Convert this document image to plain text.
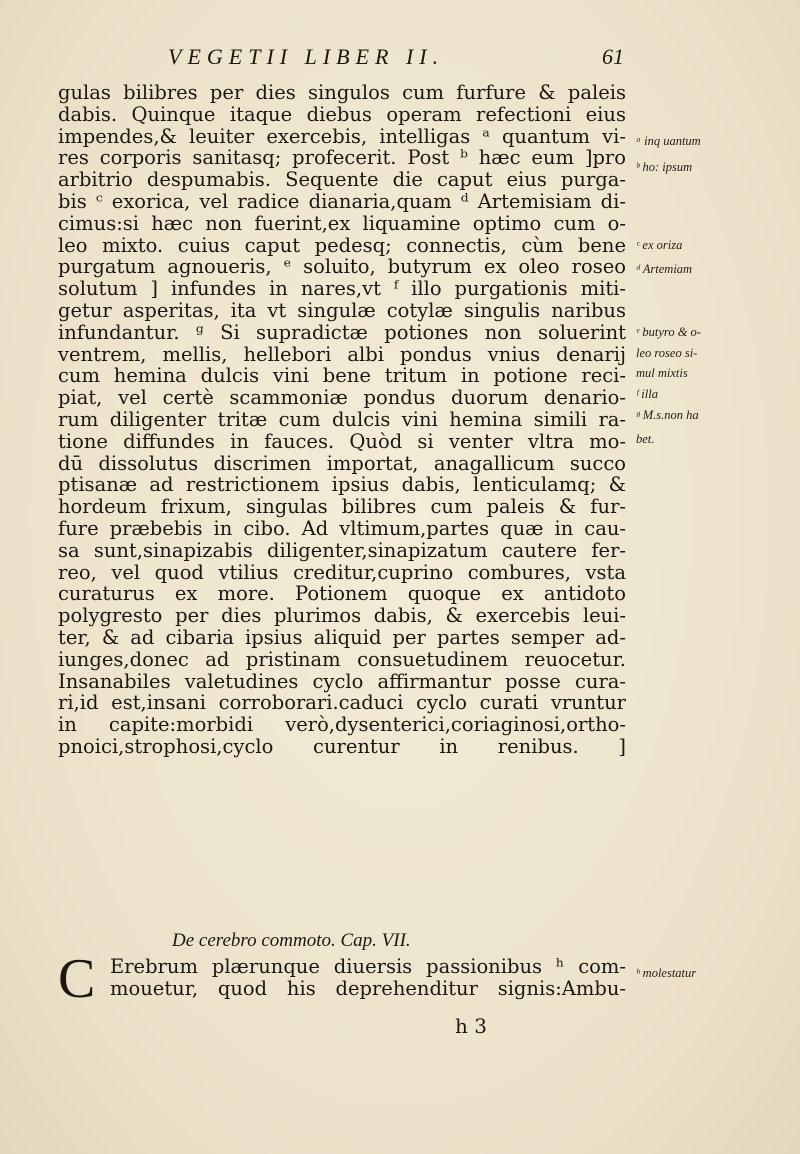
VEGETII LIBER II.	61
gulas bilibres per dies singulos cum furfure & paleis
dabis. Quinque itaque diebus operam refectioni eius
impendes,& leuiter exercebis, intelligas ᵃ quantum vi-
res corporis sanitasq; profecerit. Post ᵇ hæc eum ]pro
arbitrio despumabis. Sequente die caput eius purga-
bis ᶜ exorica, vel radice dianaria,quam ᵈ Artemisiam di-
cimus:si hæc non fuerint,ex liquamine optimo cum o-
leo mixto. cuius caput pedesq; connectis, cùm bene
purgatum agnoueris, ᵉ soluito, butyrum ex oleo roseo
solutum ] infundes in nares,vt ᶠ illo purgationis miti-
getur asperitas, ita vt singulæ cotylæ singulis naribus
infundantur. ᵍ Si supradictæ potiones non soluerint
ventrem, mellis, hellebori albi pondus vnius denarij
cum hemina dulcis vini bene tritum in potione reci-
piat, vel certè scammoniæ pondus duorum denario-
rum diligenter tritæ cum dulcis vini hemina simili ra-
tione diffundes in fauces. Quòd si venter vltra mo-
dū dissolutus discrimen importat, anagallicum succo
ptisanæ ad restrictionem ipsius dabis, lenticulamq; &
hordeum frixum, singulas bilibres cum paleis & fur-
fure præbebis in cibo. Ad vltimum,partes quæ in cau-
sa sunt,sinapizabis diligenter,sinapizatum cautere fer-
reo, vel quod vtilius creditur,cuprino combures, vsta
curaturus ex more. Potionem quoque ex antidoto
polygresto per dies plurimos dabis, & exercebis leui-
ter, & ad cibaria ipsius aliquid per partes semper ad-
iunges,donec ad pristinam consuetudinem reuocetur.
Insanabiles valetudines cyclo affirmantur posse cura-
ri,id est,insani corroborari.caduci cyclo curati vruntur
in capite:morbidi verò,dysenterici,coriaginosi,ortho-
pnoici,strophosi,cyclo curentur in renibus. ]
De cerebro commoto. Cap. VII.
C Erebrum plærunque diuersis passionibus ʰ com-
mouetur, quod his deprehenditur signis:Ambu-
h 3
ᵃ inq uantum
ᵇ ho: ipsum
ᶜ ex oriza
ᵈ Artemiam
ᵉ butyro & o-
leo roseo si-
mul mixtis
ᶠ illa
ᵍ M.s.non ha
bet.
ʰ molestatur
